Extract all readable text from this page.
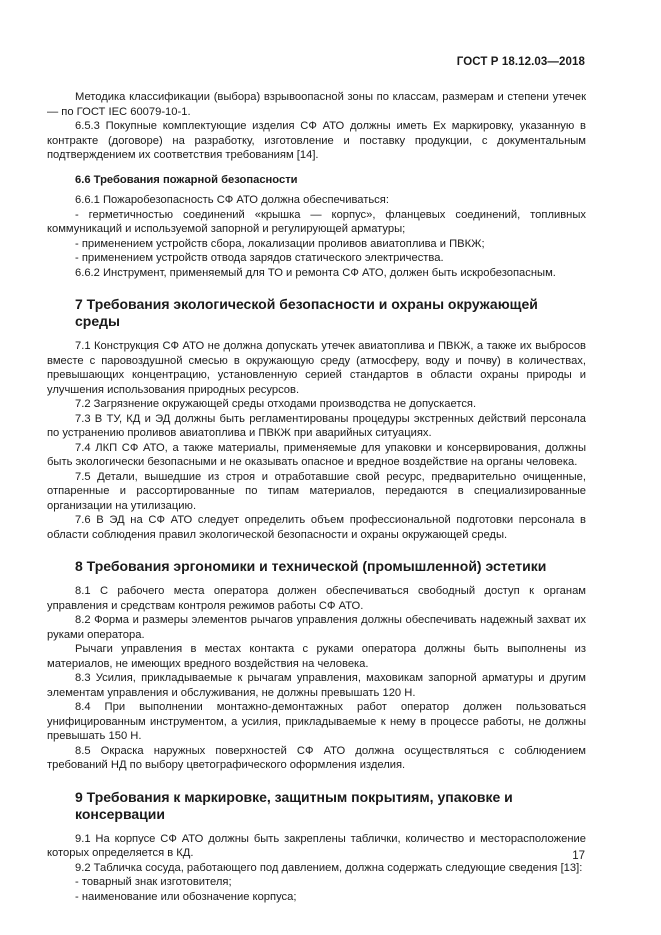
ГОСТ Р 18.12.03—2018

Методика классификации (выбора) взрывоопасной зоны по классам, размерам и степени утечек — по ГОСТ IEC 60079-10-1.

6.5.3 Покупные комплектующие изделия СФ АТО должны иметь Ex маркировку, указанную в контракте (договоре) на разработку, изготовление и поставку продукции, с документальным подтверждением их соответствия требованиям [14].

6.6 Требования пожарной безопасности

6.6.1 Пожаробезопасность СФ АТО должна обеспечиваться:

- герметичностью соединений «крышка — корпус», фланцевых соединений, топливных коммуникаций и используемой запорной и регулирующей арматуры;

- применением устройств сбора, локализации проливов авиатоплива и ПВКЖ;

- применением устройств отвода зарядов статического электричества.

6.6.2 Инструмент, применяемый для ТО и ремонта СФ АТО, должен быть искробезопасным.

7 Требования экологической безопасности и охраны окружающей среды

7.1 Конструкция СФ АТО не должна допускать утечек авиатоплива и ПВКЖ, а также их выбросов вместе с паровоздушной смесью в окружающую среду (атмосферу, воду и почву) в количествах, превышающих концентрацию, установленную серией стандартов в области охраны природы и улучшения использования природных ресурсов.

7.2 Загрязнение окружающей среды отходами производства не допускается.

7.3 В ТУ, КД и ЭД должны быть регламентированы процедуры экстренных действий персонала по устранению проливов авиатоплива и ПВКЖ при аварийных ситуациях.

7.4 ЛКП СФ АТО, а также материалы, применяемые для упаковки и консервирования, должны быть экологически безопасными и не оказывать опасное и вредное воздействие на органы человека.

7.5 Детали, вышедшие из строя и отработавшие свой ресурс, предварительно очищенные, отпаренные и рассортированные по типам материалов, передаются в специализированные организации на утилизацию.

7.6 В ЭД на СФ АТО следует определить объем профессиональной подготовки персонала в области соблюдения правил экологической безопасности и охраны окружающей среды.

8 Требования эргономики и технической (промышленной) эстетики

8.1 С рабочего места оператора должен обеспечиваться свободный доступ к органам управления и средствам контроля режимов работы СФ АТО.

8.2 Форма и размеры элементов рычагов управления должны обеспечивать надежный захват их руками оператора.

Рычаги управления в местах контакта с руками оператора должны быть выполнены из материалов, не имеющих вредного воздействия на человека.

8.3 Усилия, прикладываемые к рычагам управления, маховикам запорной арматуры и другим элементам управления и обслуживания, не должны превышать 120 Н.

8.4 При выполнении монтажно-демонтажных работ оператор должен пользоваться унифицированным инструментом, а усилия, прикладываемые к нему в процессе работы, не должны превышать 150 Н.

8.5 Окраска наружных поверхностей СФ АТО должна осуществляться с соблюдением требований НД по выбору цветографического оформления изделия.

9 Требования к маркировке, защитным покрытиям, упаковке и консервации

9.1 На корпусе СФ АТО должны быть закреплены таблички, количество и месторасположение которых определяется в КД.

9.2 Табличка сосуда, работающего под давлением, должна содержать следующие сведения [13]:

- товарный знак изготовителя;

- наименование или обозначение корпуса;

17
